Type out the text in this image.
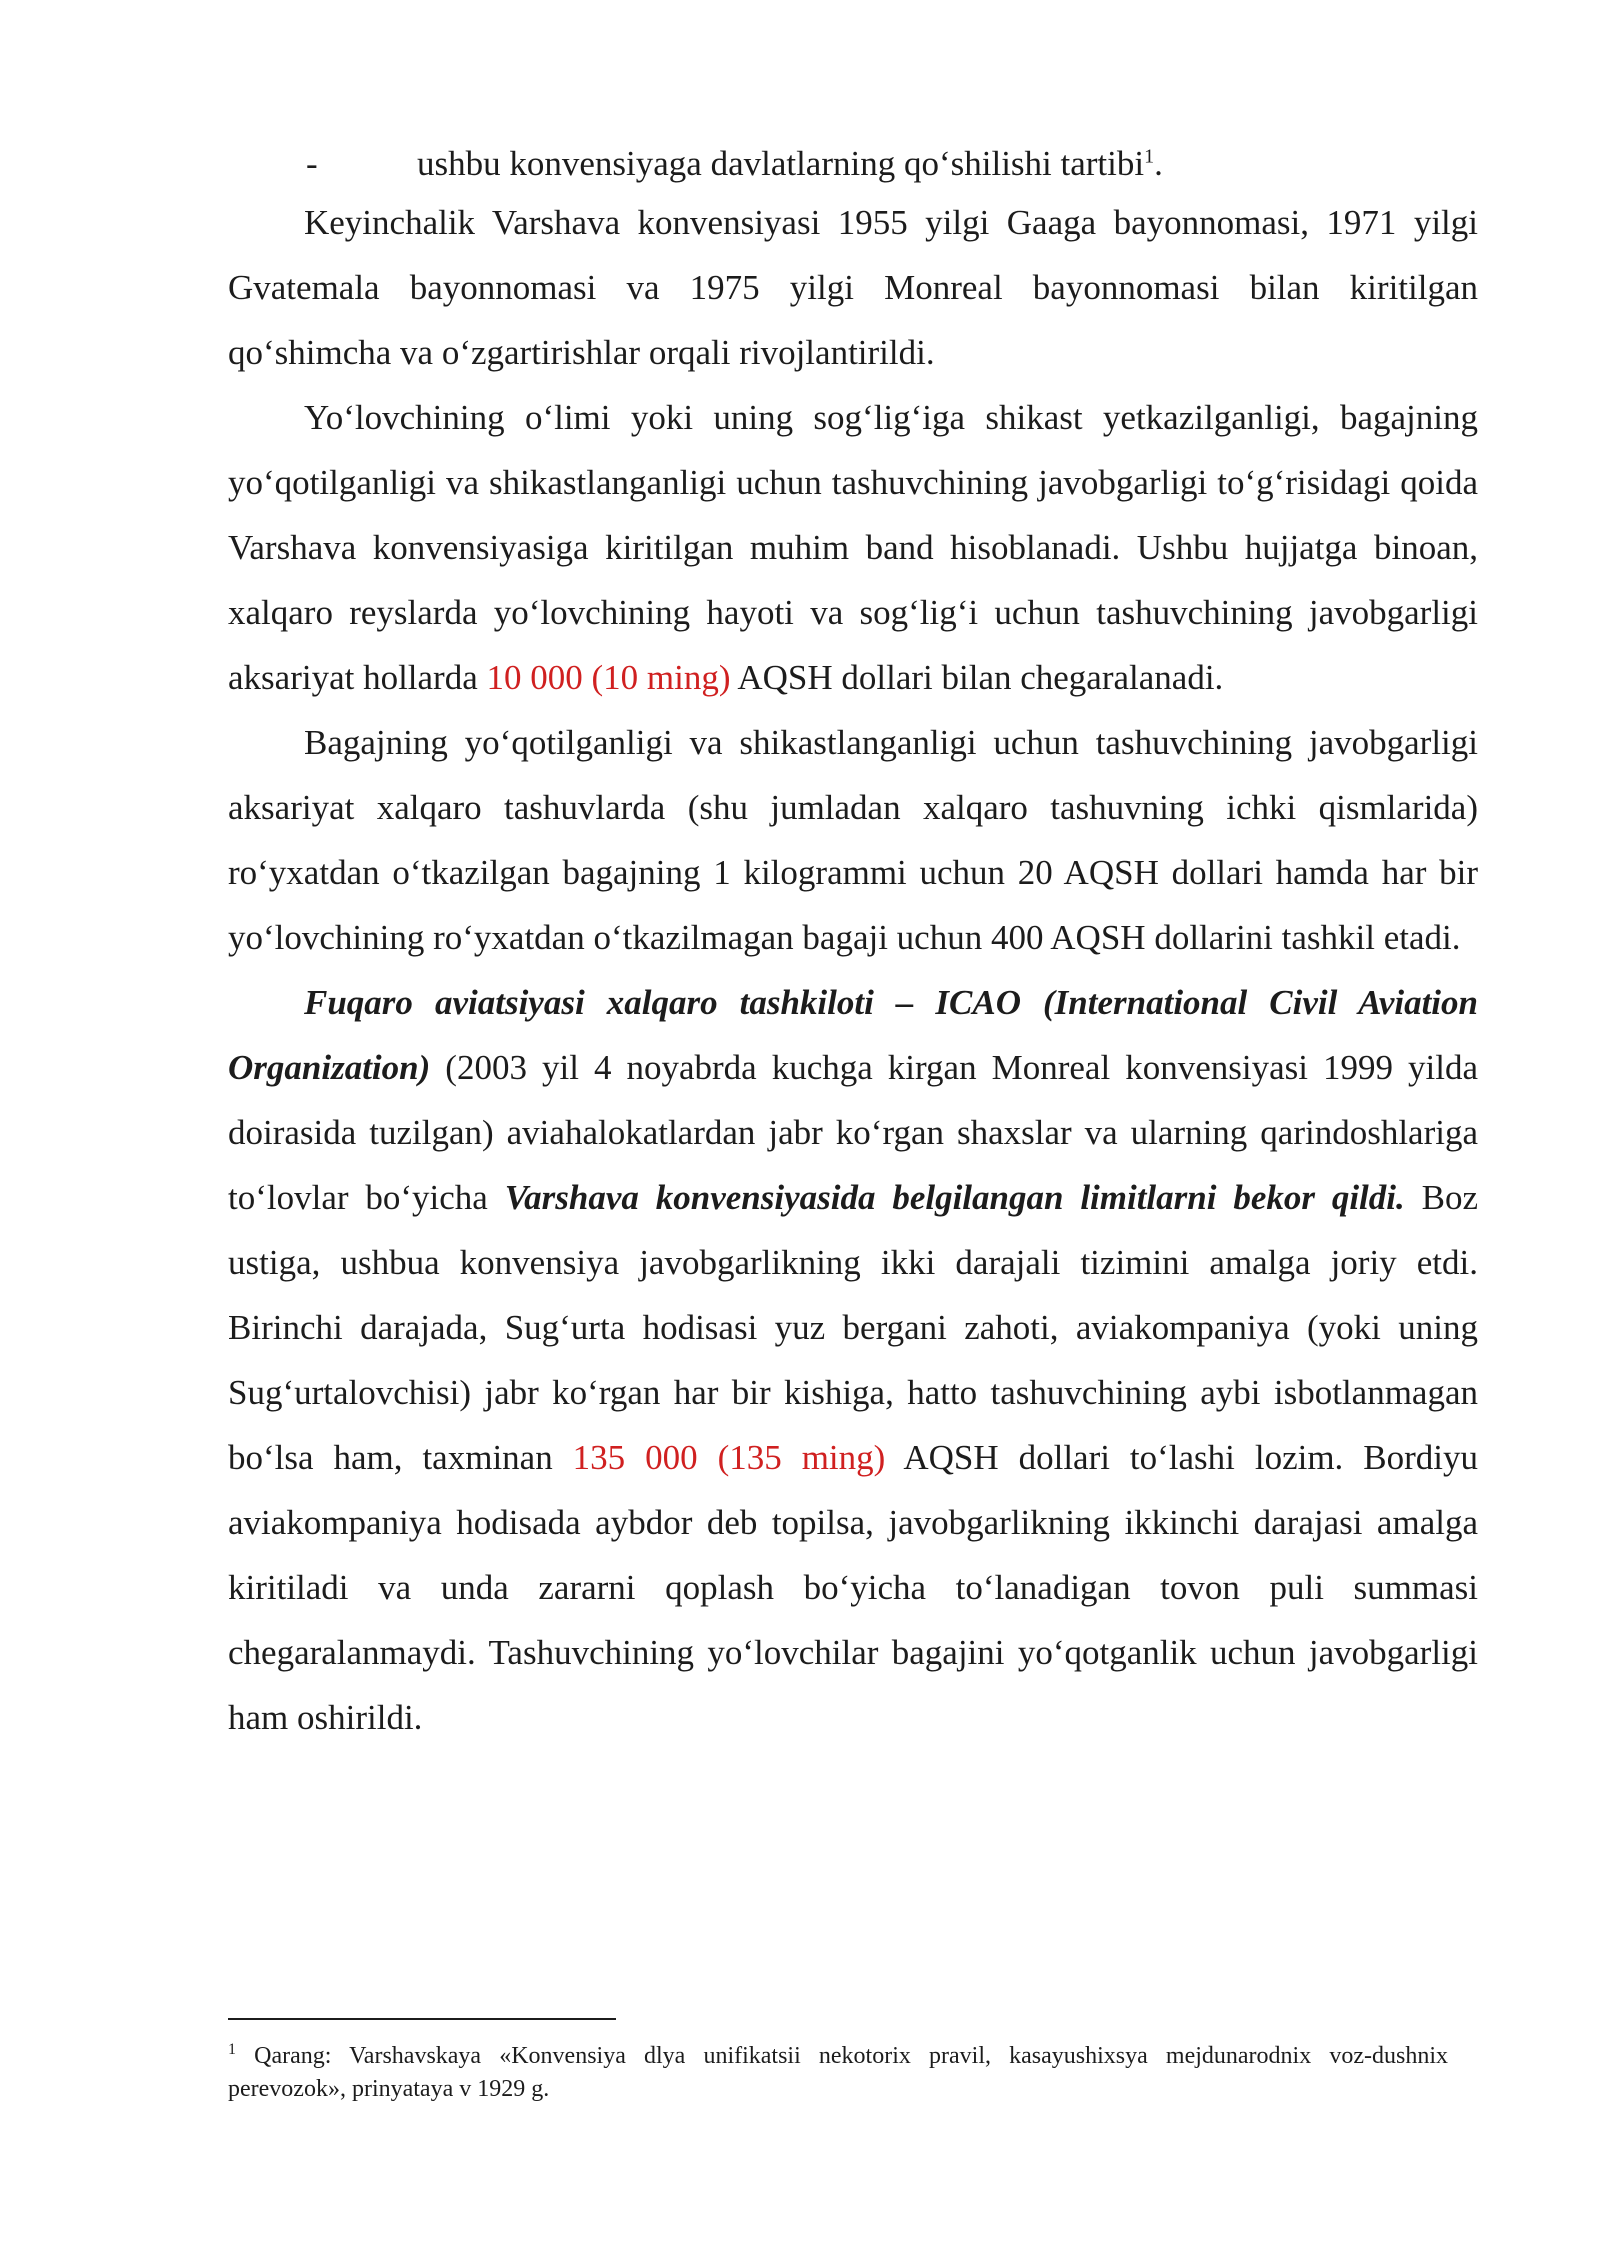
-	ushbu konvensiyaga davlatlarning qo‘shilishi tartibi$^1$.

Keyinchalik Varshava konvensiyasi 1955 yilgi Gaaga bayonnomasi, 1971 yilgi Gvatemala bayonnomasi va 1975 yilgi Monreal bayonnomasi bilan kiritilgan qo‘shimcha va o‘zgartirishlar orqali rivojlantirildi.

Yo‘lovchining o‘limi yoki uning sog‘lig‘iga shikast yetkazilganligi, bagajning yo‘qotilganligi va shikastlanganligi uchun tashuvchining javobgarligi to‘g‘risidagi qoida Varshava konvensiyasiga kiritilgan muhim band hisoblanadi. Ushbu hujjatga binoan, xalqaro reyslarda yo‘lovchining hayoti va sog‘lig‘i uchun tashuvchining javobgarligi aksariyat hollarda 10 000 (10 ming) AQSH dollari bilan chegaralanadi.

Bagajning yo‘qotilganligi va shikastlanganligi uchun tashuvchining javobgarligi aksariyat xalqaro tashuvlarda (shu jumladan xalqaro tashuvning ichki qismlarida) ro‘yxatdan o‘tkazilgan bagajning 1 kilogrammi uchun 20 AQSH dollari hamda har bir yo‘lovchining ro‘yxatdan o‘tkazilmagan bagaji uchun 400 AQSH dollarini tashkil etadi.

Fuqaro aviatsiyasi xalqaro tashkiloti – ICAO (International Civil Aviation Organization) (2003 yil 4 noyabrda kuchga kirgan Monreal konvensiyasi 1999 yilda doirasida tuzilgan) aviahalokatlardan jabr ko‘rgan shaxslar va ularning qarindoshlariga to‘lovlar bo‘yicha Varshava konvensiyasida belgilangan limitlarni bekor qildi. Boz ustiga, ushbua konvensiya javobgarlikning ikki darajali tizimini amalga joriy etdi. Birinchi darajada, Sug‘urta hodisasi yuz bergani zahoti, aviakompaniya (yoki uning Sug‘urtalovchisi) jabr ko‘rgan har bir kishiga, hatto tashuvchining aybi isbotlanmagan bo‘lsa ham, taxminan 135 000 (135 ming) AQSH dollari to‘lashi lozim. Bordiyu aviakompaniya hodisada aybdor deb topilsa, javobgarlikning ikkinchi darajasi amalga kiritiladi va unda zararni qoplash bo‘yicha to‘lanadigan tovon puli summasi chegaralanmaydi. Tashuvchining yo‘lovchilar bagajini yo‘qotganlik uchun javobgarligi ham oshirildi.

$^1$ Qarang: Varshavskaya «Konvensiya dlya unifikatsii nekotorix pravil, kasayushixsya mejdunarodnix voz-dushnix perevozok», prinyataya v 1929 g.
